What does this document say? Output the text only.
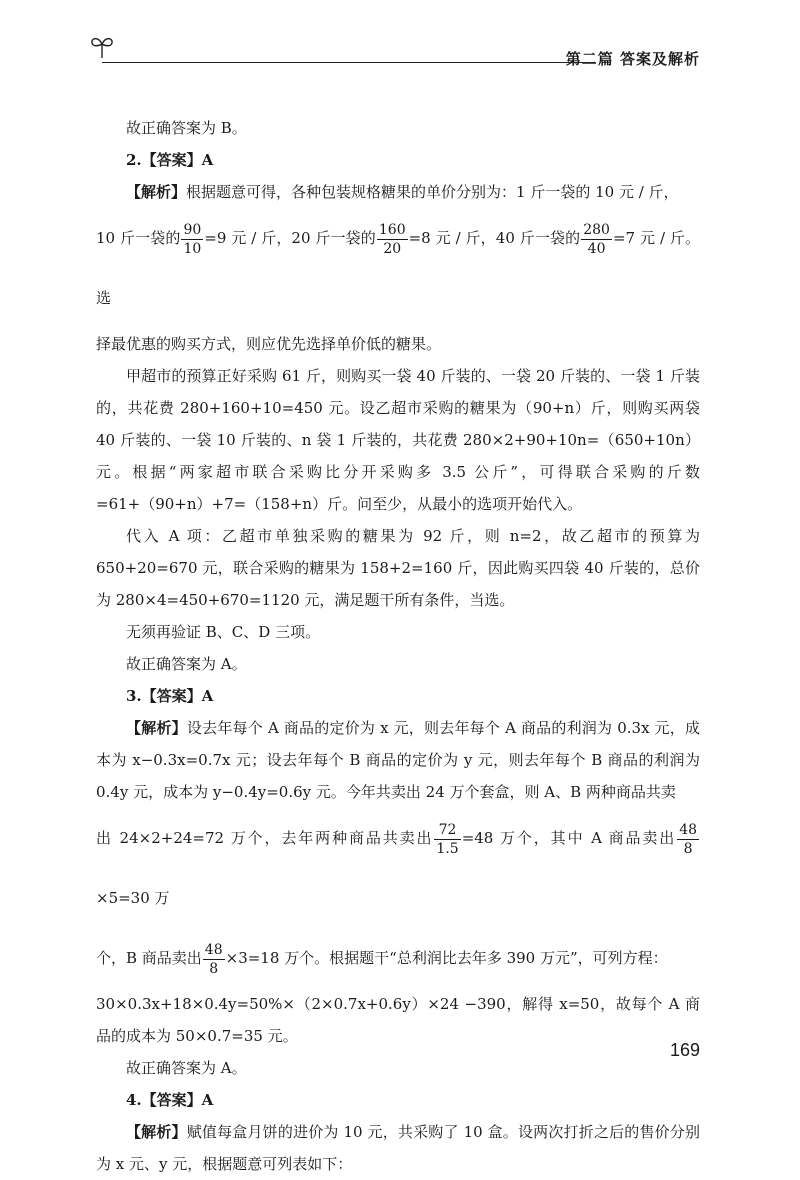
第二篇 答案及解析

故正确答案为 B。

2.【答案】A

【解析】根据题意可得，各种包装规格糖果的单价分别为：1 斤一袋的 10 元 / 斤，

10 斤一袋的 $\frac{90}{10} =9$ 元 / 斤，20 斤一袋的 $\frac{160}{20} =8$ 元 / 斤，40 斤一袋的 $\frac{280}{40} =7$ 元 / 斤。选

择最优惠的购买方式，则应优先选择单价低的糖果。

甲超市的预算正好采购 61 斤，则购买一袋 40 斤装的、一袋 20 斤装的、一袋 1 斤装的，共花费 280+160+10=450 元。设乙超市采购的糖果为（90+n）斤，则购买两袋 40 斤装的、一袋 10 斤装的、n 袋 1 斤装的，共花费 280×2+90+10n=（650+10n）元。根据“两家超市联合采购比分开采购多 3.5 公斤”，可得联合采购的斤数 =61+（90+n）+7=（158+n）斤。问至少，从最小的选项开始代入。

代入 A 项：乙超市单独采购的糖果为 92 斤，则 n=2，故乙超市的预算为 650+20=670 元，联合采购的糖果为 158+2=160 斤，因此购买四袋 40 斤装的，总价为 280×4=450+670=1120 元，满足题干所有条件，当选。

无须再验证 B、C、D 三项。

故正确答案为 A。

3.【答案】A

【解析】设去年每个 A 商品的定价为 x 元，则去年每个 A 商品的利润为 0.3x 元，成本为 x−0.3x=0.7x 元；设去年每个 B 商品的定价为 y 元，则去年每个 B 商品的利润为 0.4y 元，成本为 y−0.4y=0.6y 元。今年共卖出 24 万个套盒，则 A、B 两种商品共卖

出 24×2+24=72 万个，去年两种商品共卖出 $\frac{72}{1.5} =48$ 万个，其中 A 商品卖出 $\frac{48}{8}$
×5=30 万

个，B 商品卖出 $\frac{48}{8} \times 3=18$ 万个。根据题干“总利润比去年多 390 万元”，可列方程：

30×0.3x+18×0.4y=50%×（2×0.7x+0.6y）×24 −390，解得 x=50，故每个 A 商品的成本为 50×0.7=35 元。

故正确答案为 A。

4.【答案】A

【解析】赋值每盒月饼的进价为 10 元，共采购了 10 盒。设两次打折之后的售价分别为 x 元、y 元，根据题意可列表如下：

169
